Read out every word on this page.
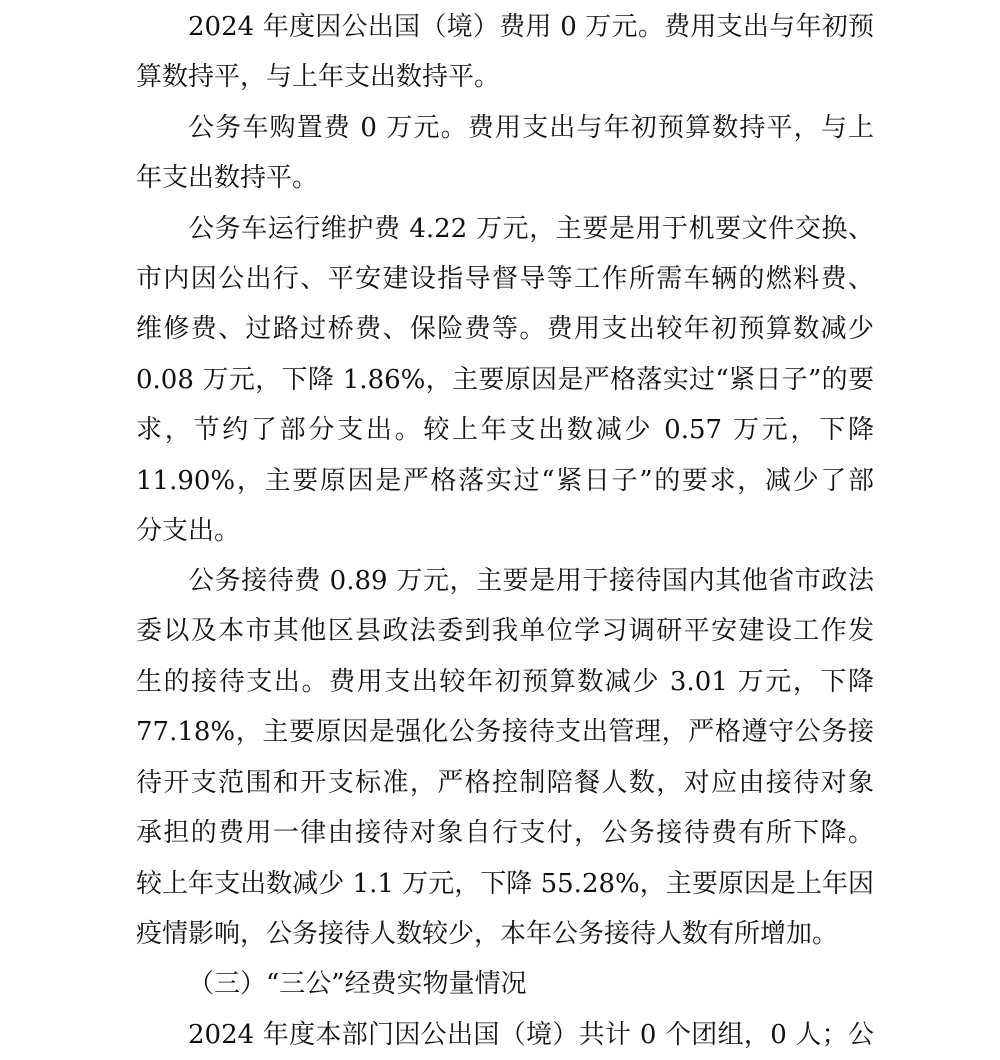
2024 年度因公出国（境）费用 0 万元。费用支出与年初预
算数持平，与上年支出数持平。
公务车购置费 0 万元。费用支出与年初预算数持平，与上
年支出数持平。
公务车运行维护费 4.22 万元，主要是用于机要文件交换、
市内因公出行、平安建设指导督导等工作所需车辆的燃料费、
维修费、过路过桥费、保险费等。费用支出较年初预算数减少
0.08 万元，下降 1.86%，主要原因是严格落实过“紧日子”的要
求，节约了部分支出。较上年支出数减少 0.57 万元，下降
11.90%，主要原因是严格落实过“紧日子”的要求，减少了部
分支出。
公务接待费 0.89 万元，主要是用于接待国内其他省市政法
委以及本市其他区县政法委到我单位学习调研平安建设工作发
生的接待支出。费用支出较年初预算数减少 3.01 万元，下降
77.18%，主要原因是强化公务接待支出管理，严格遵守公务接
待开支范围和开支标准，严格控制陪餐人数，对应由接待对象
承担的费用一律由接待对象自行支付，公务接待费有所下降。
较上年支出数减少 1.1 万元，下降 55.28%，主要原因是上年因
疫情影响，公务接待人数较少，本年公务接待人数有所增加。
（三）“三公”经费实物量情况
2024 年度本部门因公出国（境）共计 0 个团组，0 人；公
